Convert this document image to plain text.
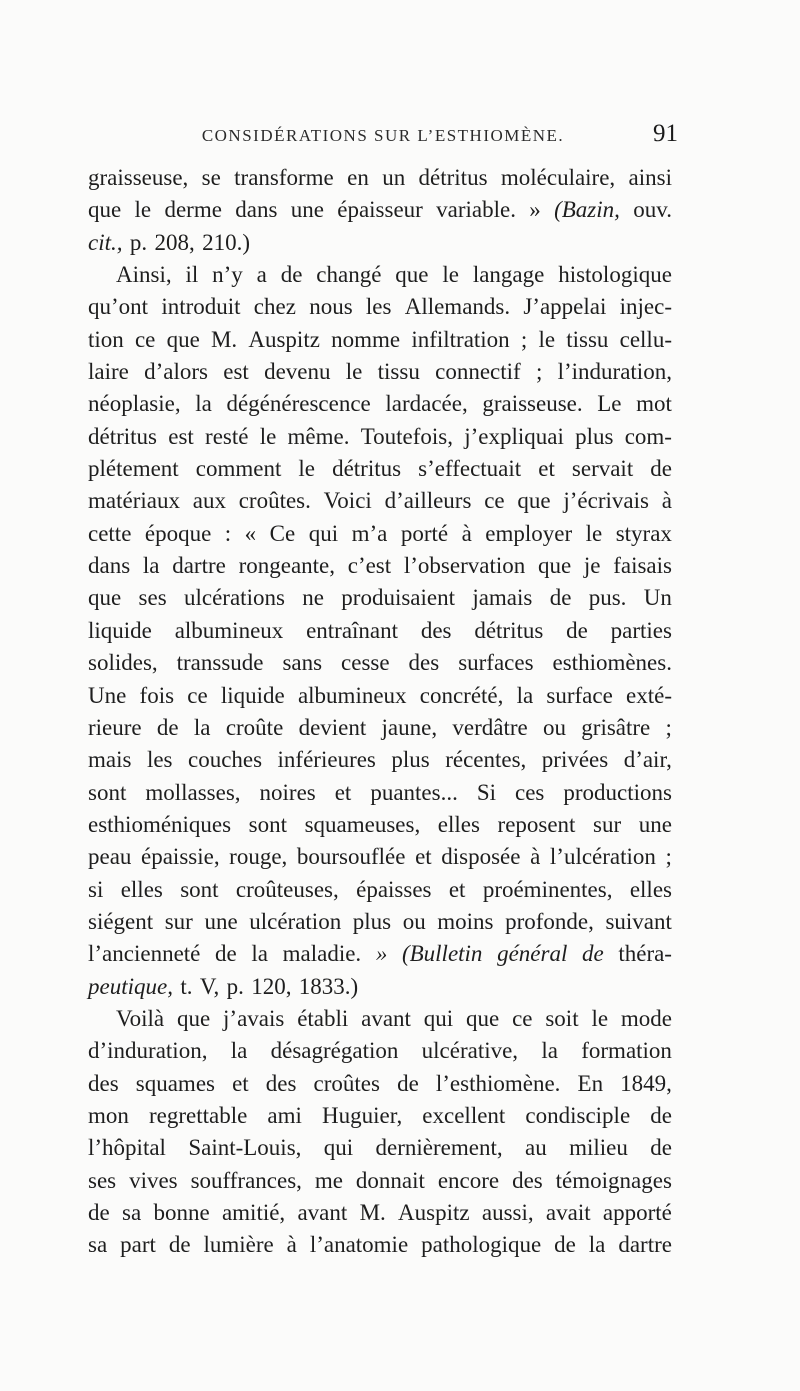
CONSIDÉRATIONS SUR L’ESTHIOMÈNE.	91
graisseuse, se transforme en un détritus moléculaire, ainsi
que le derme dans une épaisseur variable. » (Bazin, ouv.
cit., p. 208, 210.)
Ainsi, il n’y a de changé que le langage histologique
qu’ont introduit chez nous les Allemands. J’appelai injec-
tion ce que M. Auspitz nomme infiltration ; le tissu cellu-
laire d’alors est devenu le tissu connectif ; l’induration,
néoplasie, la dégénérescence lardacée, graisseuse. Le mot
détritus est resté le même. Toutefois, j’expliquai plus com-
plétement comment le détritus s’effectuait et servait de
matériaux aux croûtes. Voici d’ailleurs ce que j’écrivais à
cette époque : « Ce qui m’a porté à employer le styrax
dans la dartre rongeante, c’est l’observation que je faisais
que ses ulcérations ne produisaient jamais de pus. Un
liquide albumineux entraînant des détritus de parties
solides, transsude sans cesse des surfaces esthiomènes.
Une fois ce liquide albumineux concrété, la surface exté-
rieure de la croûte devient jaune, verdâtre ou grisâtre ;
mais les couches inférieures plus récentes, privées d’air,
sont mollasses, noires et puantes... Si ces productions
esthioméniques sont squameuses, elles reposent sur une
peau épaissie, rouge, boursouflée et disposée à l’ulcération ;
si elles sont croûteuses, épaisses et proéminentes, elles
siégent sur une ulcération plus ou moins profonde, suivant
l’ancienneté de la maladie. » (Bulletin général de théra-
peutique, t. V, p. 120, 1833.)
Voilà que j’avais établi avant qui que ce soit le mode
d’induration, la désagrégation ulcérative, la formation
des squames et des croûtes de l’esthiomène. En 1849,
mon regrettable ami Huguier, excellent condisciple de
l’hôpital Saint-Louis, qui dernièrement, au milieu de
ses vives souffrances, me donnait encore des témoignages
de sa bonne amitié, avant M. Auspitz aussi, avait apporté
sa part de lumière à l’anatomie pathologique de la dartre
